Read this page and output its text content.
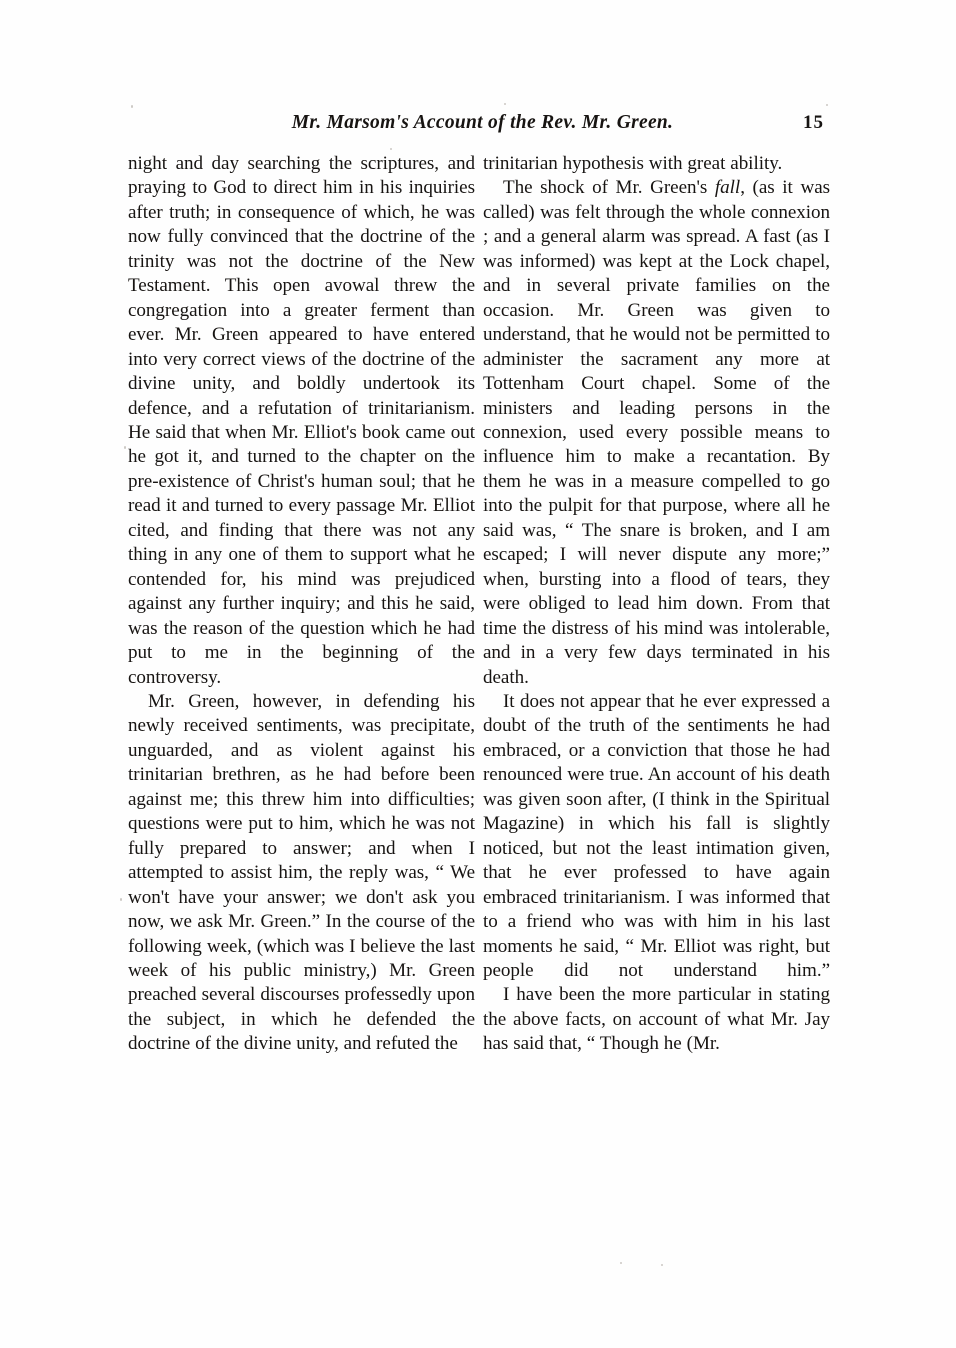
Mr. Marsom's Account of the Rev. Mr. Green.	15

night and day searching the scriptures, and praying to God to direct him in his inquiries after truth; in consequence of which, he was now fully convinced that the doctrine of the trinity was not the doctrine of the New Testament. This open avowal threw the congregation into a greater ferment than ever. Mr. Green appeared to have entered into very correct views of the doctrine of the divine unity, and boldly undertook its defence, and a refutation of trinitarianism. He said that when Mr. Elliot's book came out he got it, and turned to the chapter on the pre-existence of Christ's human soul; that he read it and turned to every passage Mr. Elliot cited, and finding that there was not any thing in any one of them to support what he contended for, his mind was prejudiced against any further inquiry; and this he said, was the reason of the question which he had put to me in the beginning of the controversy.

Mr. Green, however, in defending his newly received sentiments, was precipitate, unguarded, and as violent against his trinitarian brethren, as he had before been against me; this threw him into difficulties; questions were put to him, which he was not fully prepared to answer; and when I attempted to assist him, the reply was, “ We won't have your answer; we don't ask you now, we ask Mr. Green.” In the course of the following week, (which was I believe the last week of his public ministry,) Mr. Green preached several discourses professedly upon the subject, in which he defended the doctrine of the divine unity, and refuted the

trinitarian hypothesis with great ability.

The shock of Mr. Green's fall, (as it was called) was felt through the whole connexion ; and a general alarm was spread. A fast (as I was informed) was kept at the Lock chapel, and in several private families on the occasion. Mr. Green was given to understand, that he would not be permitted to administer the sacrament any more at Tottenham Court chapel. Some of the ministers and leading persons in the connexion, used every possible means to influence him to make a recantation. By them he was in a measure compelled to go into the pulpit for that purpose, where all he said was, “ The snare is broken, and I am escaped; I will never dispute any more;” when, bursting into a flood of tears, they were obliged to lead him down. From that time the distress of his mind was intolerable, and in a very few days terminated in his death.

It does not appear that he ever expressed a doubt of the truth of the sentiments he had embraced, or a conviction that those he had renounced were true. An account of his death was given soon after, (I think in the Spiritual Magazine) in which his fall is slightly noticed, but not the least intimation given, that he ever professed to have again embraced trinitarianism. I was informed that to a friend who was with him in his last moments he said, “ Mr. Elliot was right, but people did not understand him.”

I have been the more particular in stating the above facts, on account of what Mr. Jay has said that, “ Though he (Mr.
